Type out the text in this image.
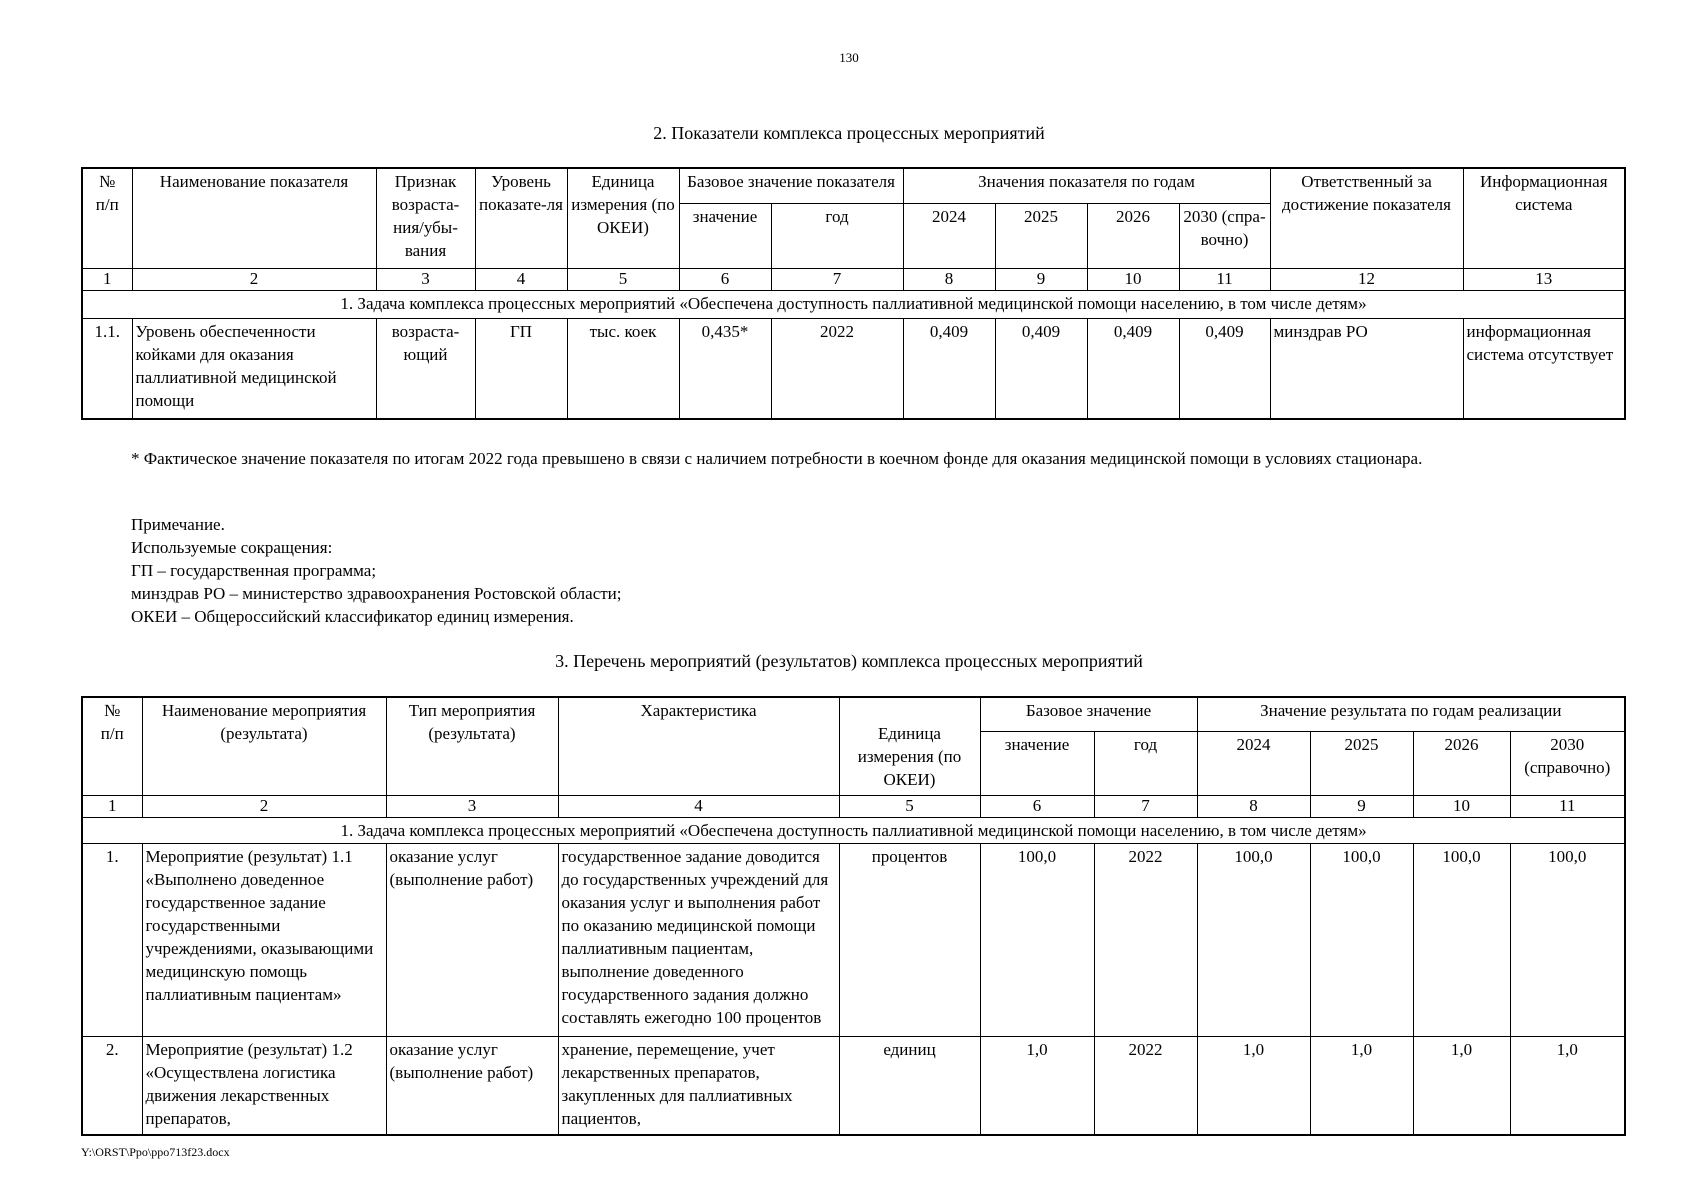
130
2. Показатели комплекса процессных мероприятий
№
п/п	Наименование показателя	Признак возраста-ния/убы-вания	Уровень показате-ля	Единица измерения (по ОКЕИ)	Базовое значение показателя		Значения показателя по годам				Ответственный за достижение показателя	Информационная система
					значение	год	2024	2025	2026	2030 (спра-вочно)		
1	2	3	4	5	6	7	8	9	10	11	12	13
1. Задача комплекса процессных мероприятий «Обеспечена доступность паллиативной медицинской помощи населению, в том числе детям»												
1.1.	Уровень обеспеченности койками для оказания паллиативной медицинской помощи	возраста-ющий	ГП	тыс. коек	0,435*	2022	0,409	0,409	0,409	0,409	минздрав РО	информационная система отсутствует
* Фактическое значение показателя по итогам 2022 года превышено в связи с наличием потребности в коечном фонде для оказания медицинской помощи в условиях стационара.
Примечание.
Используемые сокращения:
ГП – государственная программа;
минздрав РО – министерство здравоохранения Ростовской области;
ОКЕИ – Общероссийский классификатор единиц измерения.
3. Перечень мероприятий (результатов) комплекса процессных мероприятий
№
п/п	Наименование мероприятия (результата)	Тип мероприятия (результата)	Характеристика	Единица измерения (по ОКЕИ)	Базовое значение		Значение результата по годам реализации			
					значение	год	2024	2025	2026	2030 (справочно)
1	2	3	4	5	6	7	8	9	10	11
1. Задача комплекса процессных мероприятий «Обеспечена доступность паллиативной медицинской помощи населению, в том числе детям»										
1.	Мероприятие (результат) 1.1 «Выполнено доведенное государственное задание государственными учреждениями, оказывающими медицинскую помощь паллиативным пациентам»	оказание услуг (выполнение работ)	государственное задание доводится до государственных учреждений для оказания услуг и выполнения работ по оказанию медицинской помощи паллиативным пациентам, выполнение доведенного государственного задания должно составлять ежегодно 100 процентов	процентов	100,0	2022	100,0	100,0	100,0	100,0
2.	Мероприятие (результат) 1.2 «Осуществлена логистика движения лекарственных препаратов,	оказание услуг (выполнение работ)	хранение, перемещение, учет лекарственных препаратов, закупленных для паллиативных пациентов,	единиц	1,0	2022	1,0	1,0	1,0	1,0
Y:\ORST\Ppo\ppo713f23.docx
